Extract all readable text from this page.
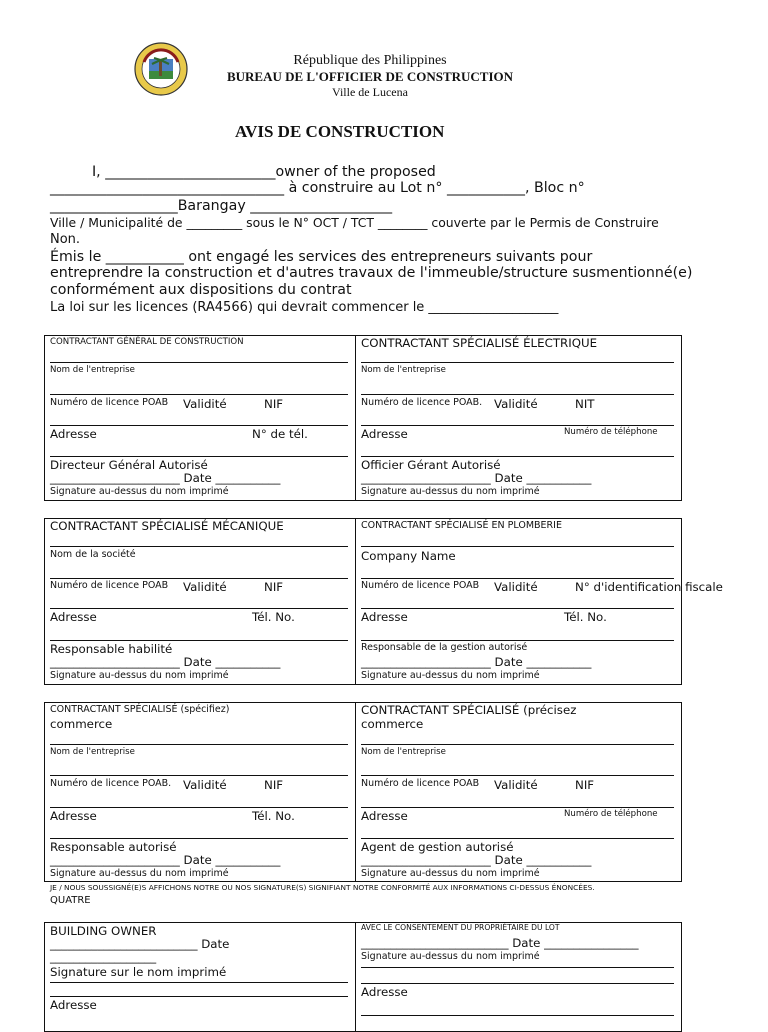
République des Philippines
BUREAU DE L'OFFICIER DE CONSTRUCTION
Ville de Lucena
AVIS DE CONSTRUCTION
I, ________________________owner of the proposed
_________________________________ à construire au Lot n° ___________, Bloc n°
__________________Barangay ____________________
Ville / Municipalité de _________ sous le N° OCT / TCT ________ couverte par le Permis de Construire
Non.
Émis le ___________ ont engagé les services des entrepreneurs suivants pour
entreprendre la construction et d'autres travaux de l'immeuble/structure susmentionné(e)
conformément aux dispositions du contrat
La loi sur les licences (RA4566) qui devrait commencer le ____________________
CONTRACTANT GÉNÉRAL DE CONSTRUCTION
Nom de l'entreprise
Numéro de licence POAB Validité	NIF
Adresse	N° de tél.
Directeur Général Autorisé
______________________ Date ___________
Signature au-dessus du nom imprimé
CONTRACTANT SPÉCIALISÉ ÉLECTRIQUE
Nom de l'entreprise
Numéro de licence POAB. Validité	NIT
Adresse	Numéro de téléphone
Officier Gérant Autorisé
______________________ Date ___________
Signature au-dessus du nom imprimé
CONTRACTANT SPÉCIALISÉ MÉCANIQUE
Nom de la société
Numéro de licence POAB Validité	NIF
Adresse	Tél. No.
Responsable habilité
______________________ Date ___________
Signature au-dessus du nom imprimé
CONTRACTANT SPÉCIALISÉ EN PLOMBERIE
Company Name
Numéro de licence POAB Validité	N° d'identification fiscale
Adresse	Tél. No.
Responsable de la gestion autorisé
______________________ Date ___________
Signature au-dessus du nom imprimé
CONTRACTANT SPÉCIALISÉ (spécifiez)
commerce
Nom de l'entreprise
Numéro de licence POAB. Validité	NIF
Adresse	Tél. No.
Responsable autorisé
______________________ Date ___________
Signature au-dessus du nom imprimé
CONTRACTANT SPÉCIALISÉ (précisez
commerce
Nom de l'entreprise
Numéro de licence POAB Validité	NIF
Adresse	Numéro de téléphone
Agent de gestion autorisé
______________________ Date ___________
Signature au-dessus du nom imprimé
JE / NOUS SOUSSIGNÉ(E)S AFFICHONS NOTRE OU NOS SIGNATURE(S) SIGNIFIANT NOTRE CONFORMITÉ AUX INFORMATIONS CI-DESSUS ÉNONCÉES.
QUATRE
BUILDING OWNER
_________________________ Date
__________________
Signature sur le nom imprimé
Adresse
AVEC LE CONSENTEMENT DU PROPRIÉTAIRE DU LOT
_________________________ Date ________________
Signature au-dessus du nom imprimé
Adresse
